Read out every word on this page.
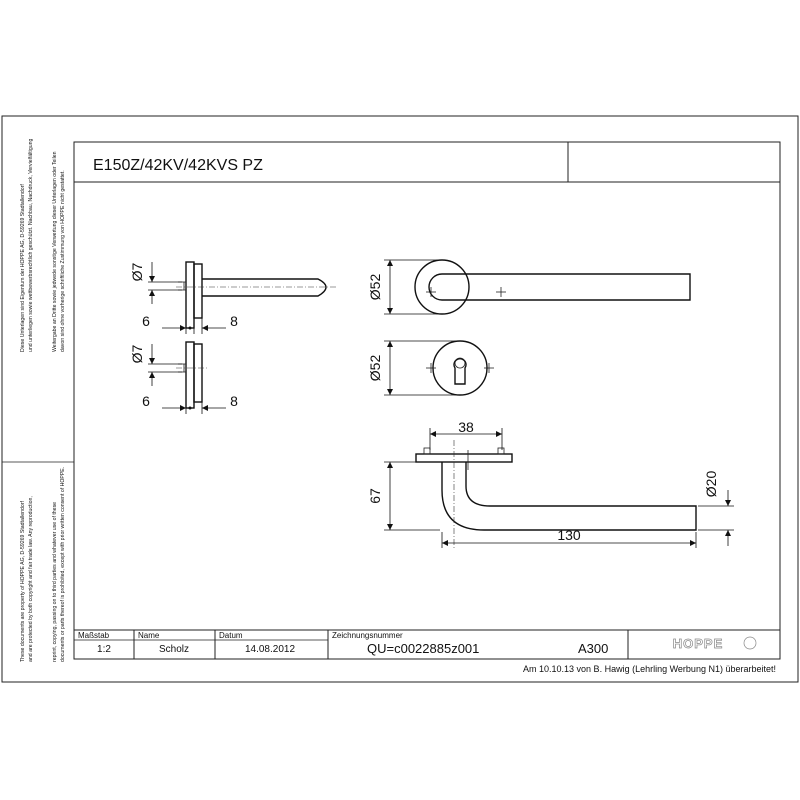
E150Z/42KV/42KVS PZ
Diese Unterlagen sind Eigentum der HOPPE AG, D-59269 Stadtallendorf und unterliegen sowie wettbewerbsrechtlich geschützt. Nachbau, Nachdruck, Vervielfältigung	Weitergabe an Dritte sowie jedwede sonstige Verwertung dieser Unterlagen oder Teilen davon sind ohne vorherige schriftliche Zustimmung von HOPPE nicht gestattet.
These documents are property of HOPPE AG, D-59269 Stadtallendorf and are protected by both copyright and fair trade law. Any reproduction,	reprint, copying, passing on to third parties and whatever use of these documents or parts thereof is prohibited, except with prior written consent of HOPPE.
Ø7
6	8
Ø7
6	8
Ø52
Ø52
38
67
130
Ø20
Maßstab
1:2
Name
Scholz
Datum
14.08.2012
Zeichnungsnummer
QU=c0022885z001	A300	HOPPE
Am 10.10.13 von B. Hawig (Lehrling Werbung N1) überarbeitet!
